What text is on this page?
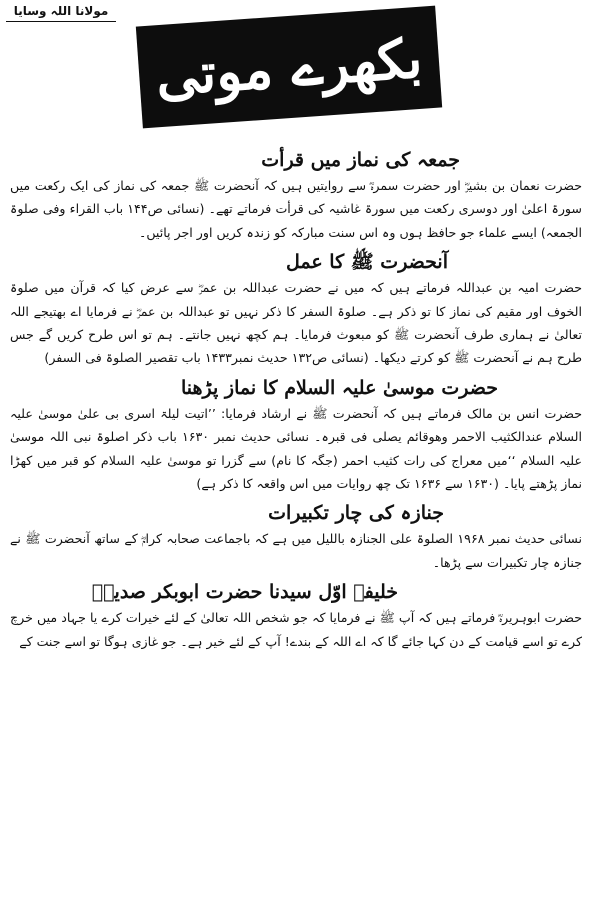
مولانا اللہ وسایا
بکھرے موتی
جمعہ کی نماز میں قرأت

حضرت نعمان بن بشیرؓ اور حضرت سمرہؓ سے روایتیں ہیں کہ آنحضرت ﷺ جمعہ کی نماز کی ایک رکعت میں سورۃ اعلیٰ اور دوسری رکعت میں سورۃ غاشیہ کی قرأت فرماتے تھے۔ (نسائی ص۱۴۴ باب القراء وفی صلوۃ الجمعہ) ایسے علماء جو حافظ ہوں وہ اس سنت مبارکہ کو زندہ کریں اور اجر پائیں۔

آنحضرت ﷺ کا عمل

حضرت امیہ بن عبداللہ فرماتے ہیں کہ میں نے حضرت عبداللہ بن عمرؓ سے عرض کیا کہ قرآن میں صلوۃ الخوف اور مقیم کی نماز کا تو ذکر ہے۔ صلوۃ السفر کا ذکر نہیں تو عبداللہ بن عمرؓ نے فرمایا اے بھتیجے اللہ تعالیٰ نے ہماری طرف آنحضرت ﷺ کو مبعوث فرمایا۔ ہم کچھ نہیں جانتے۔ ہم تو اس طرح کریں گے جس طرح ہم نے آنحضرت ﷺ کو کرتے دیکھا۔ (نسائی ص۱۳۲ حدیث نمبر۱۴۳۳ باب تقصیر الصلوۃ فی السفر)

حضرت موسیٰ علیہ السلام کا نماز پڑھنا

حضرت انس بن مالک فرماتے ہیں کہ آنحضرت ﷺ نے ارشاد فرمایا: ’’اتیت لیلۃ اسری بی علیٰ موسیٰ علیہ السلام عندالکثیب الاحمر وھوقائم یصلی فی قبرہ۔ نسائی حدیث نمبر ۱۶۳۰ باب ذکر اصلوۃ نبی اللہ موسیٰ علیہ السلام ‘‘میں معراج کی رات کثیب احمر (جگہ کا نام) سے گزرا تو موسیٰ علیہ السلام کو قبر میں کھڑا نماز پڑھتے پایا۔ (۱۶۳۰ سے ۱۶۳۶ تک چھ روایات میں اس واقعہ کا ذکر ہے)

جنازہ کی چار تکبیرات

نسائی حدیث نمبر ۱۹۶۸ الصلوۃ علی الجنازہ باللیل میں ہے کہ باجماعت صحابہ کرامؓ کے ساتھ آنحضرت ﷺ نے جنازہ چار تکبیرات سے پڑھا۔

خلیفہ اوّل سیدنا حضرت ابوبکر صدیقؓ

حضرت ابوہریرہؓ فرماتے ہیں کہ آپ ﷺ نے فرمایا کہ جو شخص اللہ تعالیٰ کے لئے خیرات کرے یا جہاد میں خرچ کرے تو اسے قیامت کے دن کہا جائے گا کہ اے اللہ کے بندے! آپ کے لئے خیر ہے۔ جو غازی ہوگا تو اسے جنت کے
